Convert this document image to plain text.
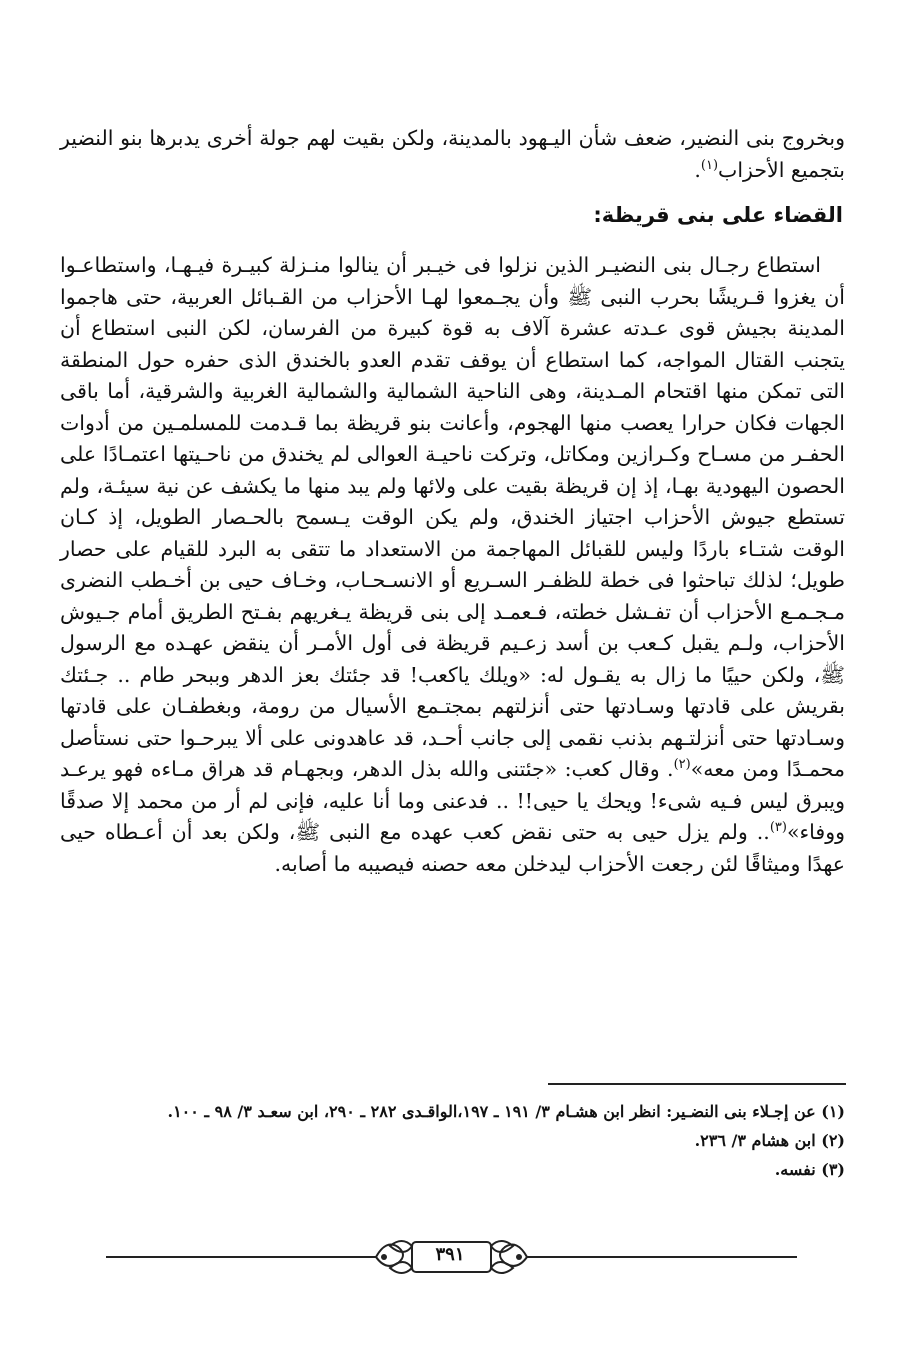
وبخروج بنى النضير، ضعف شأن اليـهود بالمدينة، ولكن بقيت لهم جولة أخرى يدبرها بنو النضير بتجميع الأحزاب$^{(١)}$.
القضاء على بنى قريظة:
استطاع رجـال بنى النضيـر الذين نزلوا فى خيـبر أن ينالوا منـزلة كبيـرة فيـهـا، واستطاعـوا أن يغزوا قـريشًا بحرب النبى ﷺ وأن يجـمعوا لهـا الأحزاب من القـبائل العربية، حتى هاجموا المدينة بجيش قوى عـدته عشرة آلاف به قوة كبيرة من الفرسان، لكن النبى استطاع أن يتجنب القتال المواجه، كما استطاع أن يوقف تقدم العدو بالخندق الذى حفره حول المنطقة التى تمكن منها اقتحام المـدينة، وهى الناحية الشمالية والشمالية الغربية والشرقية، أما باقى الجهات فكان حرارا يعصب منها الهجوم، وأعانت بنو قريظة بما قـدمت للمسلمـين من أدوات الحفـر من مسـاح وكـرازين ومكاتل، وتركت ناحيـة العوالى لم يخندق من ناحـيتها اعتمـادًا على الحصون اليهودية بهـا، إذ إن قريظة بقيت على ولائها ولم يبد منها ما يكشف عن نية سيئـة، ولم تستطع جيوش الأحزاب اجتياز الخندق، ولم يكن الوقت يـسمح بالحـصار الطويل، إذ كـان الوقت شتـاء باردًا وليس للقبائل المهاجمة من الاستعداد ما تتقى به البرد للقيام على حصار طويل؛ لذلك تباحثوا فى خطة للظفـر السـريع أو الانسـحـاب، وخـاف حيى بن أخـطب النضرى مـجـمـع الأحزاب أن تفـشل خطته، فـعمـد إلى بنى قريظة يـغريهم بفـتح الطريق أمام جـيوش الأحزاب، ولـم يقبل كـعب بن أسد زعـيم قريظة فى أول الأمـر أن ينقض عهـده مع الرسول ﷺ، ولكن حييًا ما زال به يقـول له: «ويلك ياكعب! قد جئتك بعز الدهر وببحر طام .. جـئتك بقريش على قادتها وسـادتها حتى أنزلتهم بمجتـمع الأسيال من رومة، وبغطفـان على قادتها وسـادتها حتى أنزلتـهم بذنب نقمى إلى جانب أحـد، قد عاهدونى على ألا يبرحـوا حتى نستأصل محمـدًا ومن معه»$^{(٢)}$. وقال كعب: «جئتنى والله بذل الدهر، وبجهـام قد هراق مـاءه فهو يرعـد ويبرق ليس فـيه شىء! ويحك يا حيى!! .. فدعنى وما أنا عليه، فإنى لم أر من محمد إلا صدقًا ووفاء»$^{(٣)}$.. ولم يزل حيى به حتى نقض كعب عهده مع النبى ﷺ، ولكن بعد أن أعـطاه حيى عهدًا وميثاقًا لئن رجعت الأحزاب ليدخلن معه حصنه فيصيبه ما أصابه.

(١) عن إجـلاء بنى النضـير: انظر ابن هشـام ٣/ ١٩١ ـ ١٩٧،الواقـدى ٢٨٢ ـ ٢٩٠، ابن سعـد ٣/ ٩٨ ـ ١٠٠.

(٢) ابن هشام ٣/ ٢٣٦.

(٣) نفسه.

٣٩١
